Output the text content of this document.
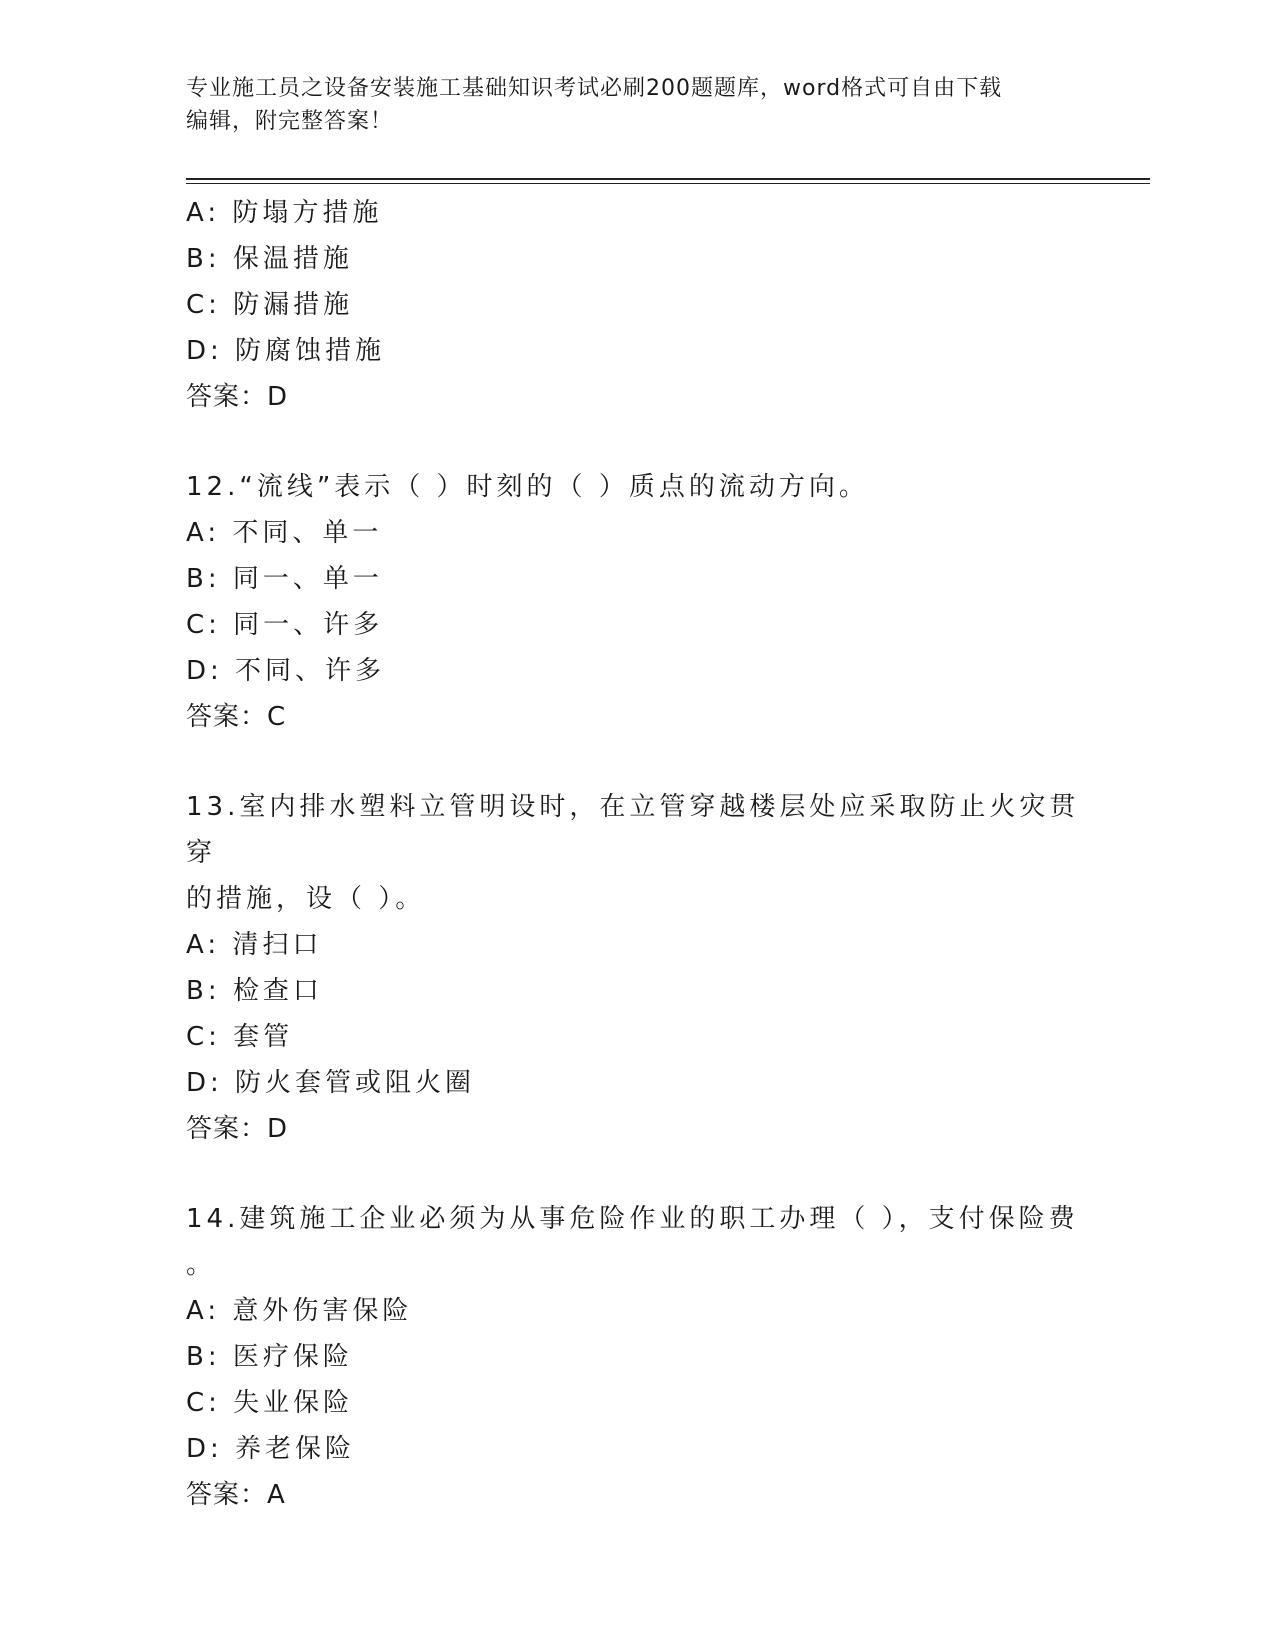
专业施工员之设备安装施工基础知识考试必刷200题题库，word格式可自由下载
编辑，附完整答案！
A: 防塌方措施
B: 保温措施
C: 防漏措施
D: 防腐蚀措施
答案：D
12.“流线”表示（ ）时刻的（ ）质点的流动方向。
A: 不同、单一
B: 同一、单一
C: 同一、许多
D: 不同、许多
答案：C
13.室内排水塑料立管明设时，在立管穿越楼层处应采取防止火灾贯穿
的措施，设（ ）。
A: 清扫口
B: 检查口
C: 套管
D: 防火套管或阻火圈
答案：D
14.建筑施工企业必须为从事危险作业的职工办理（ ），支付保险费
。
A: 意外伤害保险
B: 医疗保险
C: 失业保险
D: 养老保险
答案：A
